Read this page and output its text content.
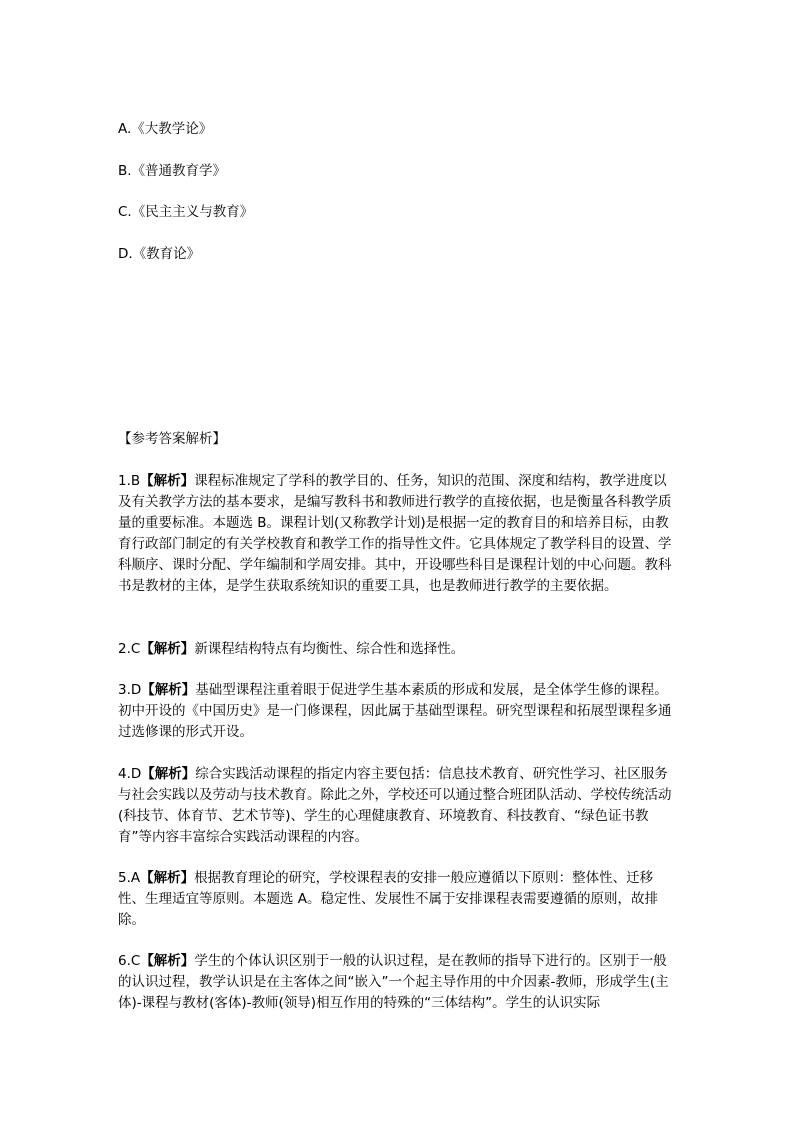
A.《大教学论》
B.《普通教育学》
C.《民主主义与教育》
D.《教育论》
【参考答案解析】
1.B【解析】课程标准规定了学科的教学目的、任务，知识的范围、深度和结构，教学进度以及有关教学方法的基本要求，是编写教科书和教师进行教学的直接依据，也是衡量各科教学质量的重要标准。本题选 B。课程计划(又称教学计划)是根据一定的教育目的和培养目标，由教育行政部门制定的有关学校教育和教学工作的指导性文件。它具体规定了教学科目的设置、学科顺序、课时分配、学年编制和学周安排。其中，开设哪些科目是课程计划的中心问题。教科书是教材的主体，是学生获取系统知识的重要工具，也是教师进行教学的主要依据。
2.C【解析】新课程结构特点有均衡性、综合性和选择性。
3.D【解析】基础型课程注重着眼于促进学生基本素质的形成和发展，是全体学生修的课程。初中开设的《中国历史》是一门修课程，因此属于基础型课程。研究型课程和拓展型课程多通过选修课的形式开设。
4.D【解析】综合实践活动课程的指定内容主要包括：信息技术教育、研究性学习、社区服务与社会实践以及劳动与技术教育。除此之外，学校还可以通过整合班团队活动、学校传统活动(科技节、体育节、艺术节等)、学生的心理健康教育、环境教育、科技教育、“绿色证书教育”等内容丰富综合实践活动课程的内容。
5.A【解析】根据教育理论的研究，学校课程表的安排一般应遵循以下原则：整体性、迁移性、生理适宜等原则。本题选 A。稳定性、发展性不属于安排课程表需要遵循的原则，故排除。
6.C【解析】学生的个体认识区别于一般的认识过程，是在教师的指导下进行的。区别于一般的认识过程，教学认识是在主客体之间“嵌入”一个起主导作用的中介因素-教师，形成学生(主体)-课程与教材(客体)-教师(领导)相互作用的特殊的“三体结构”。学生的认识实际
